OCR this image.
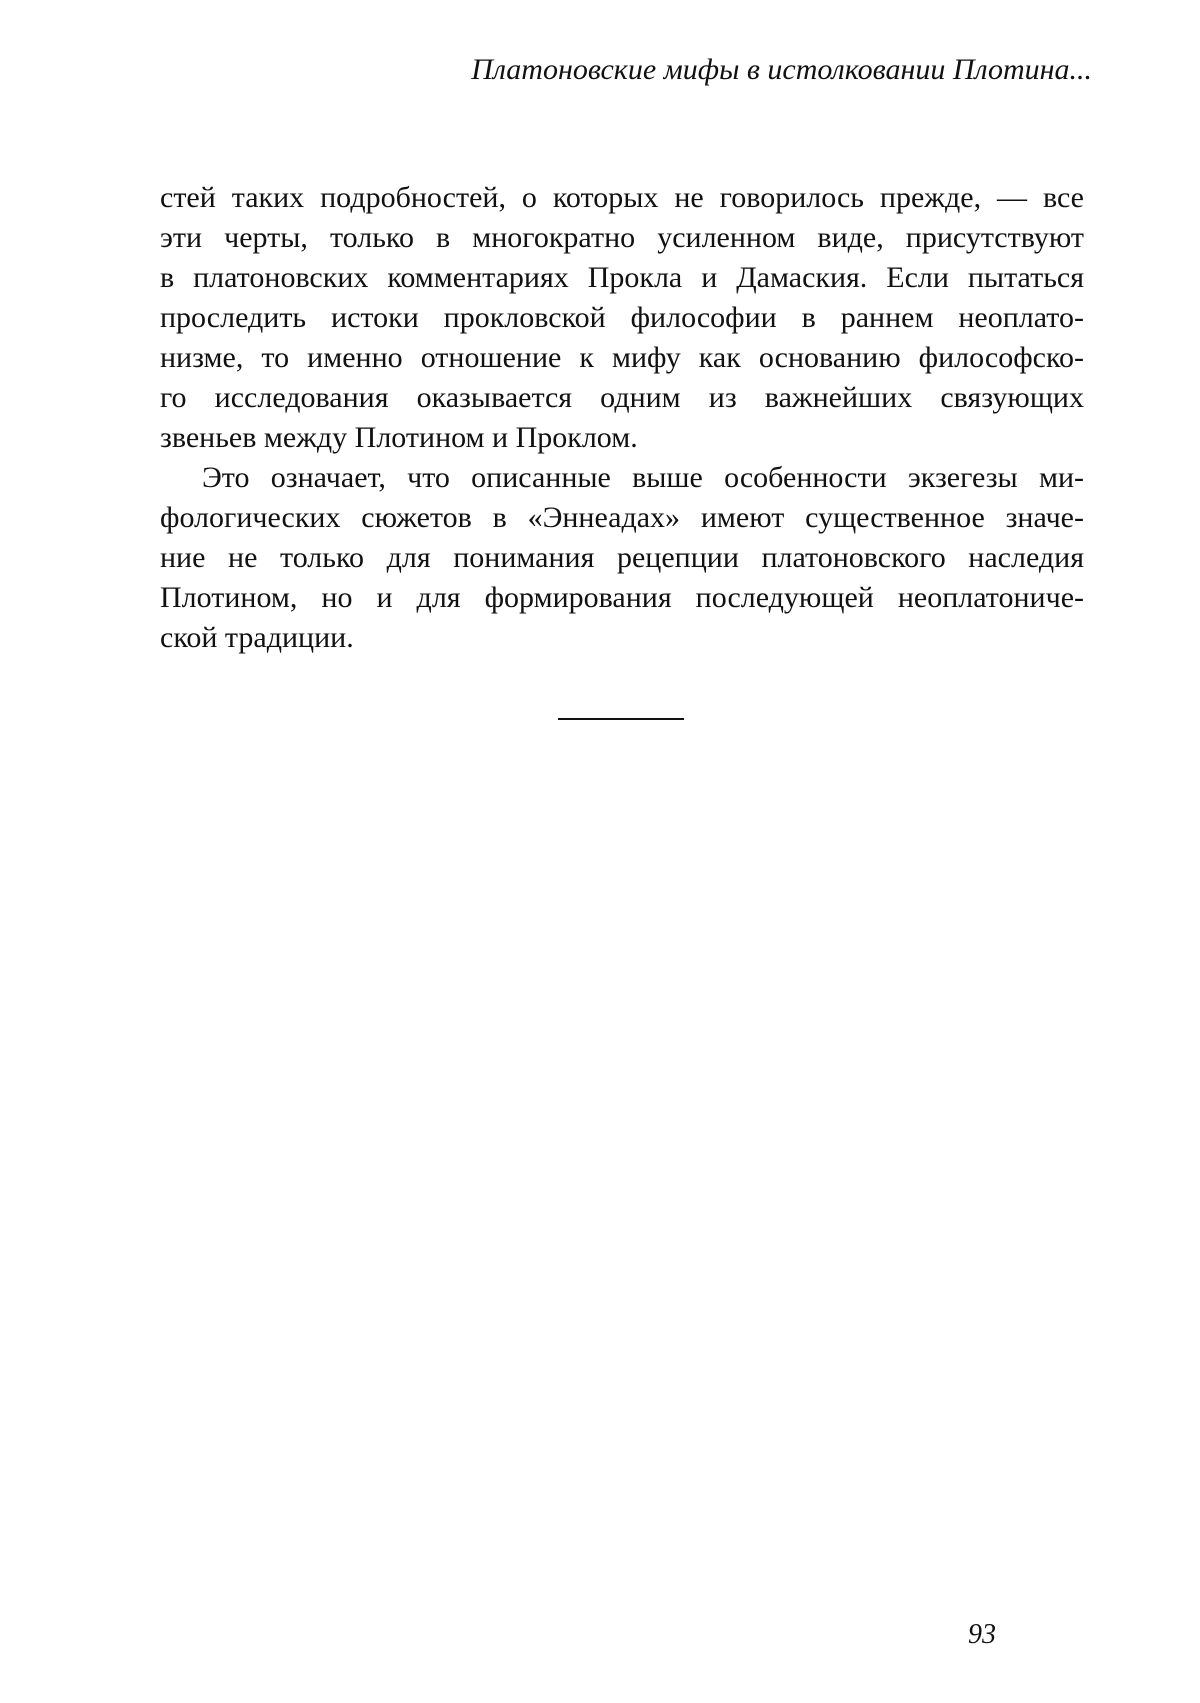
Платоновские мифы в истолковании Плотина...
стей таких подробностей, о которых не говорилось прежде, — все
эти черты, только в многократно усиленном виде, присутствуют
в платоновских комментариях Прокла и Дамаския. Если пытаться
проследить истоки прокловской философии в раннем неоплато-
низме, то именно отношение к мифу как основанию философско-
го исследования оказывается одним из важнейших связующих
звеньев между Плотином и Проклом.
Это означает, что описанные выше особенности экзегезы ми-
фологических сюжетов в «Эннеадах» имеют существенное значе-
ние не только для понимания рецепции платоновского наследия
Плотином, но и для формирования последующей неоплатониче-
ской традиции.
93
